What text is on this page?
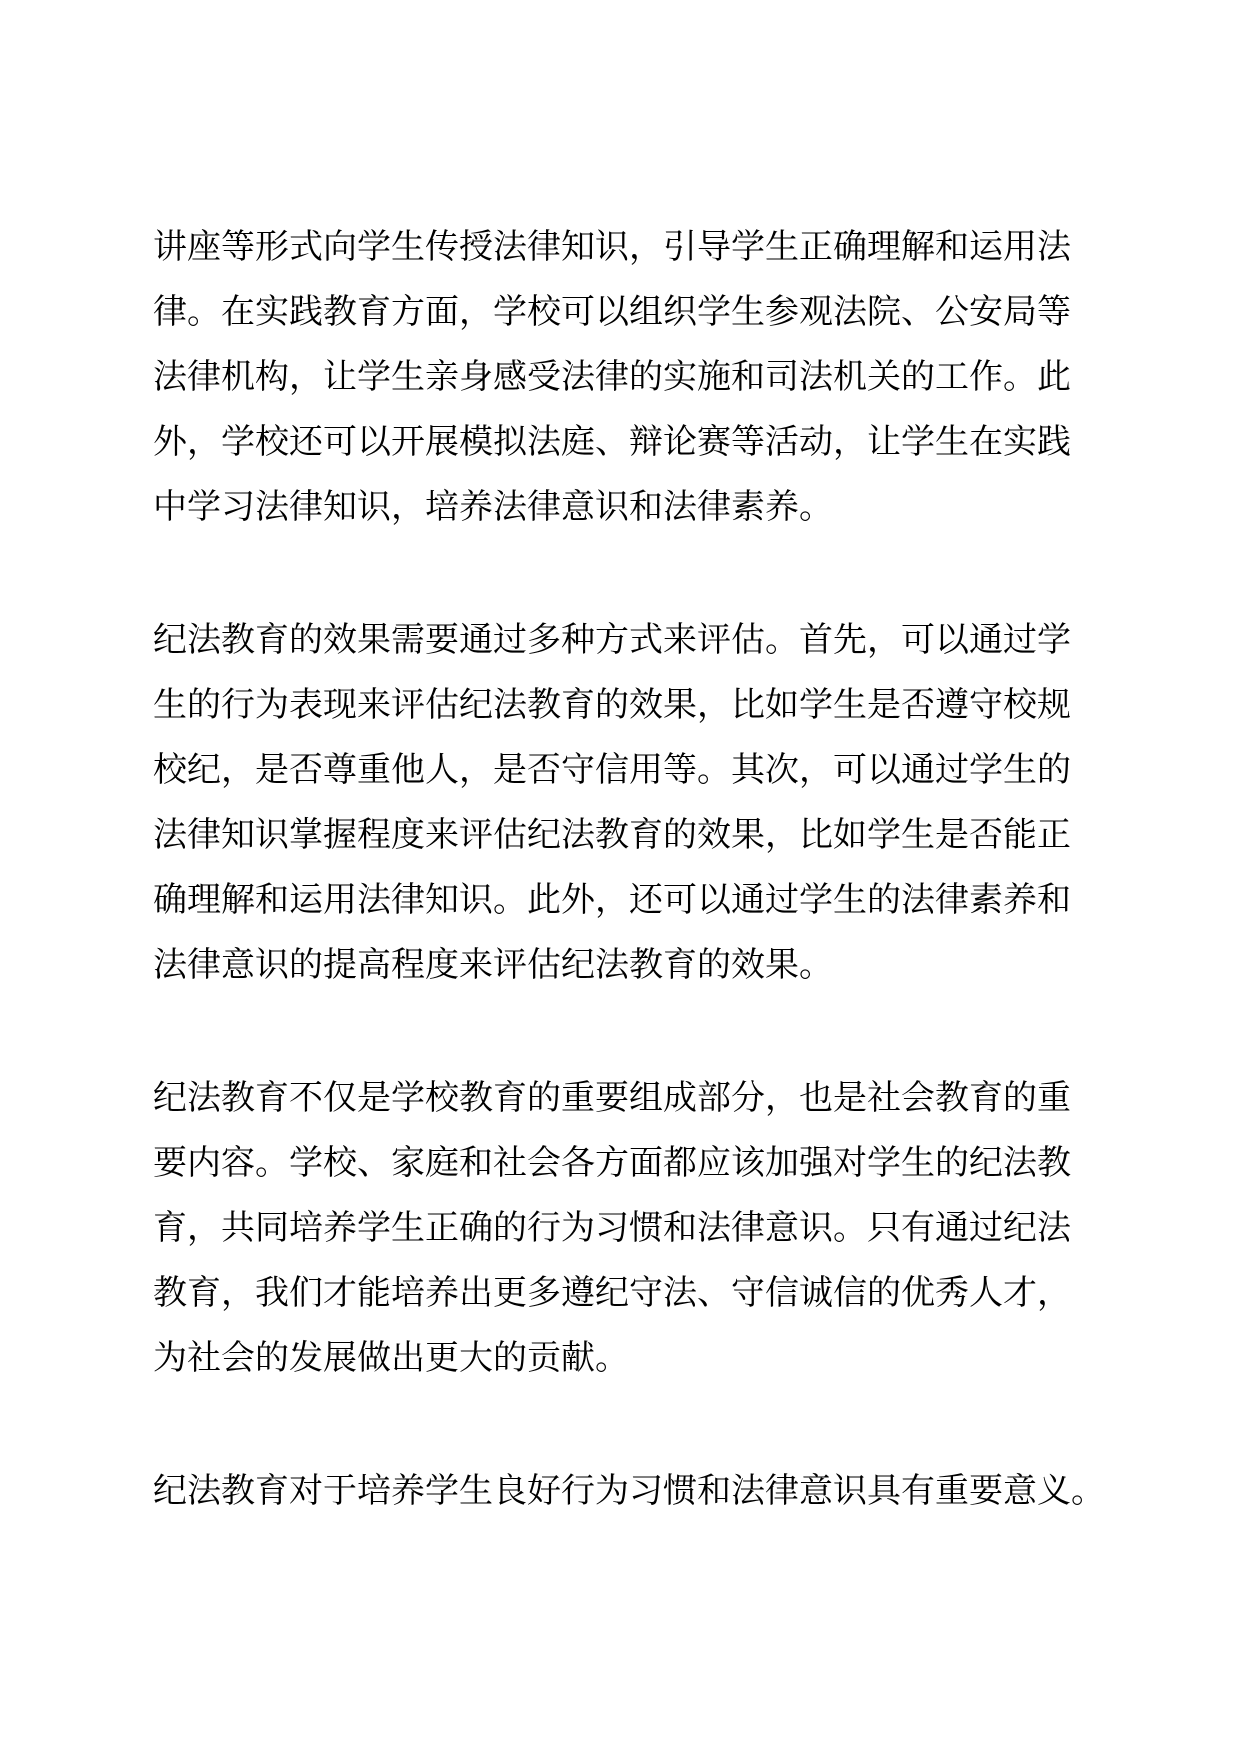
讲座等形式向学生传授法律知识，引导学生正确理解和运用法
律。在实践教育方面，学校可以组织学生参观法院、公安局等
法律机构，让学生亲身感受法律的实施和司法机关的工作。此
外，学校还可以开展模拟法庭、辩论赛等活动，让学生在实践
中学习法律知识，培养法律意识和法律素养。

纪法教育的效果需要通过多种方式来评估。首先，可以通过学
生的行为表现来评估纪法教育的效果，比如学生是否遵守校规
校纪，是否尊重他人，是否守信用等。其次，可以通过学生的
法律知识掌握程度来评估纪法教育的效果，比如学生是否能正
确理解和运用法律知识。此外，还可以通过学生的法律素养和
法律意识的提高程度来评估纪法教育的效果。

纪法教育不仅是学校教育的重要组成部分，也是社会教育的重
要内容。学校、家庭和社会各方面都应该加强对学生的纪法教
育，共同培养学生正确的行为习惯和法律意识。只有通过纪法
教育，我们才能培养出更多遵纪守法、守信诚信的优秀人才，
为社会的发展做出更大的贡献。

纪法教育对于培养学生良好行为习惯和法律意识具有重要意义。
